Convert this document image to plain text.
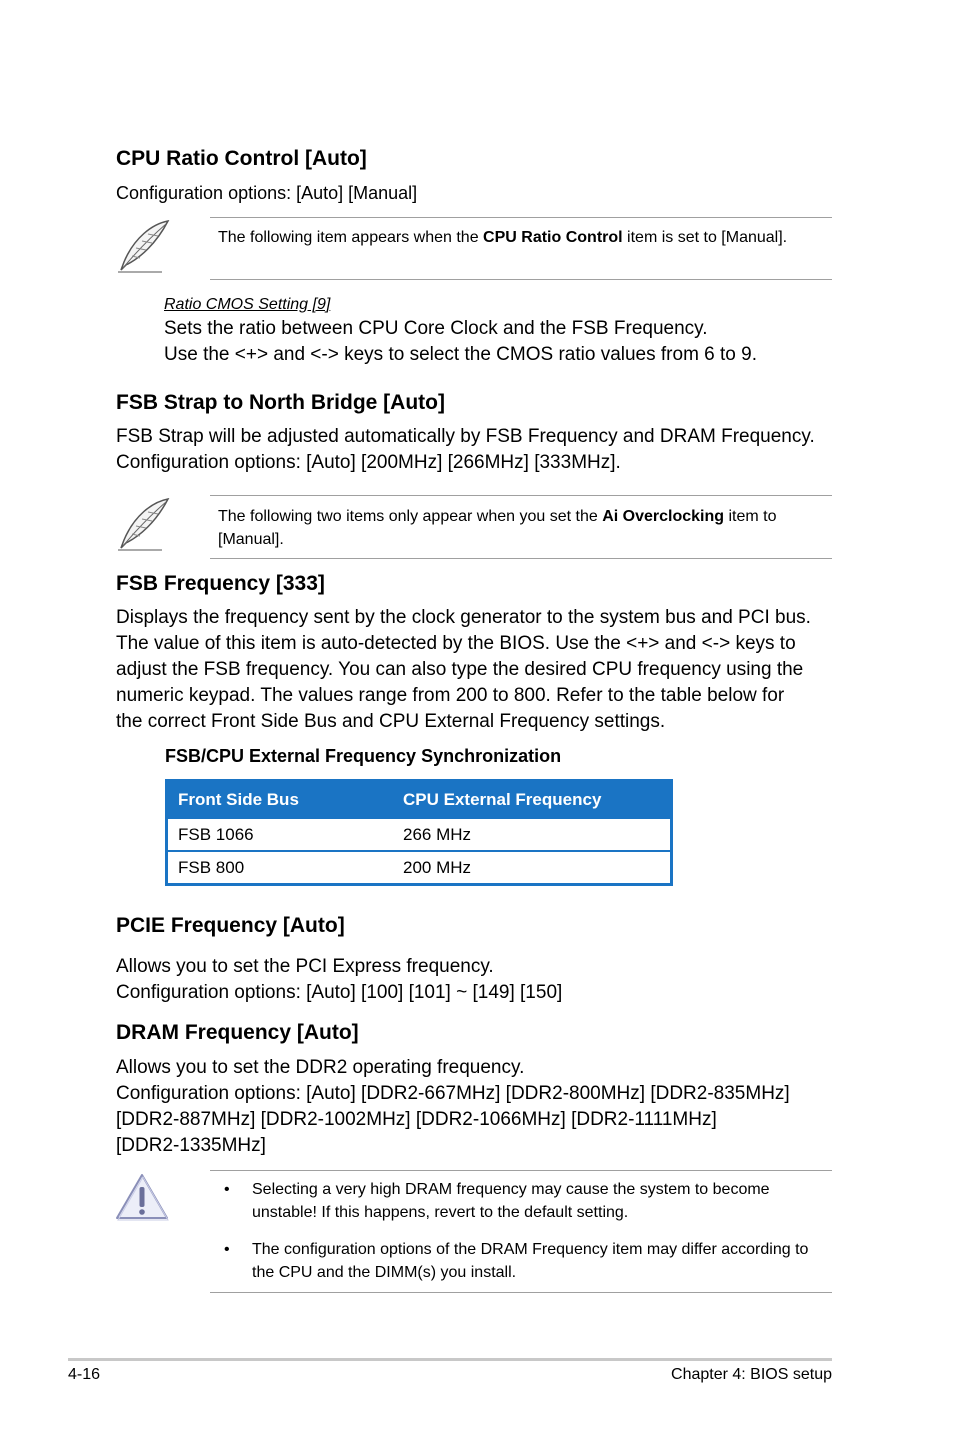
CPU Ratio Control [Auto]

Configuration options: [Auto] [Manual]

The following item appears when the CPU Ratio Control item is set to [Manual].

Ratio CMOS Setting [9]

Sets the ratio between CPU Core Clock and the FSB Frequency.

Use the <+> and <-> keys to select the CMOS ratio values from 6 to 9.

FSB Strap to North Bridge [Auto]

FSB Strap will be adjusted automatically by FSB Frequency and DRAM Frequency.

Configuration options: [Auto] [200MHz] [266MHz] [333MHz].

The following two items only appear when you set the Ai Overclocking item to [Manual].

FSB Frequency [333]

Displays the frequency sent by the clock generator to the system bus and PCI bus.

The value of this item is auto-detected by the BIOS. Use the <+> and <-> keys to

adjust the FSB frequency. You can also type the desired CPU frequency using the

numeric keypad. The values range from 200 to 800. Refer to the table below for

the correct Front Side Bus and CPU External Frequency settings.

FSB/CPU External Frequency Synchronization

Front Side Bus	CPU External Frequency
FSB 1066	266 MHz
FSB 800	200 MHz
PCIE Frequency [Auto]

Allows you to set the PCI Express frequency.

Configuration options: [Auto] [100] [101] ~ [149] [150]

DRAM Frequency [Auto]

Allows you to set the DDR2 operating frequency.

Configuration options: [Auto] [DDR2-667MHz] [DDR2-800MHz] [DDR2-835MHz]

[DDR2-887MHz] [DDR2-1002MHz] [DDR2-1066MHz] [DDR2-1111MHz]

[DDR2-1335MHz]

• Selecting a very high DRAM frequency may cause the system to become unstable! If this happens, revert to the default setting.
• The configuration options of the DRAM Frequency item may differ according to the CPU and the DIMM(s) you install.
4-16	Chapter 4: BIOS setup
